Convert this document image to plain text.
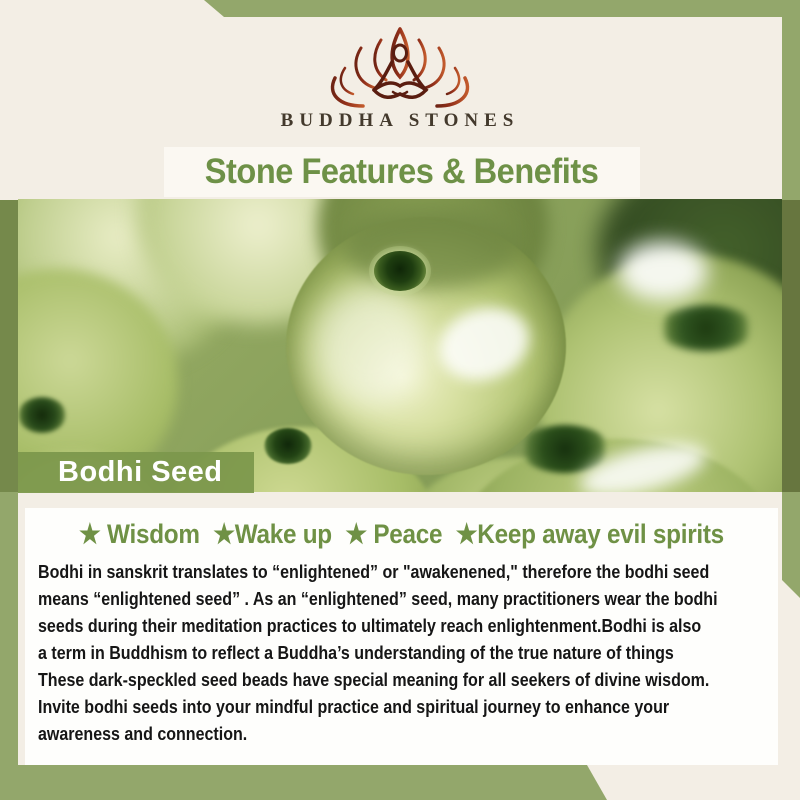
BUDDHA STONES
Stone Features & Benefits
Bodhi Seed
★ Wisdom ★Wake up ★ Peace ★Keep away evil spirits
Bodhi in sanskrit translates to “enlightened” or "awakenened," therefore the bodhi seed
means “enlightened seed” . As an “enlightened” seed, many practitioners wear the bodhi
seeds during their meditation practices to ultimately reach enlightenment.Bodhi is also
a term in Buddhism to reflect a Buddha’s understanding of the true nature of things
These dark-speckled seed beads have special meaning for all seekers of divine wisdom.
Invite bodhi seeds into your mindful practice and spiritual journey to enhance your
awareness and connection.
